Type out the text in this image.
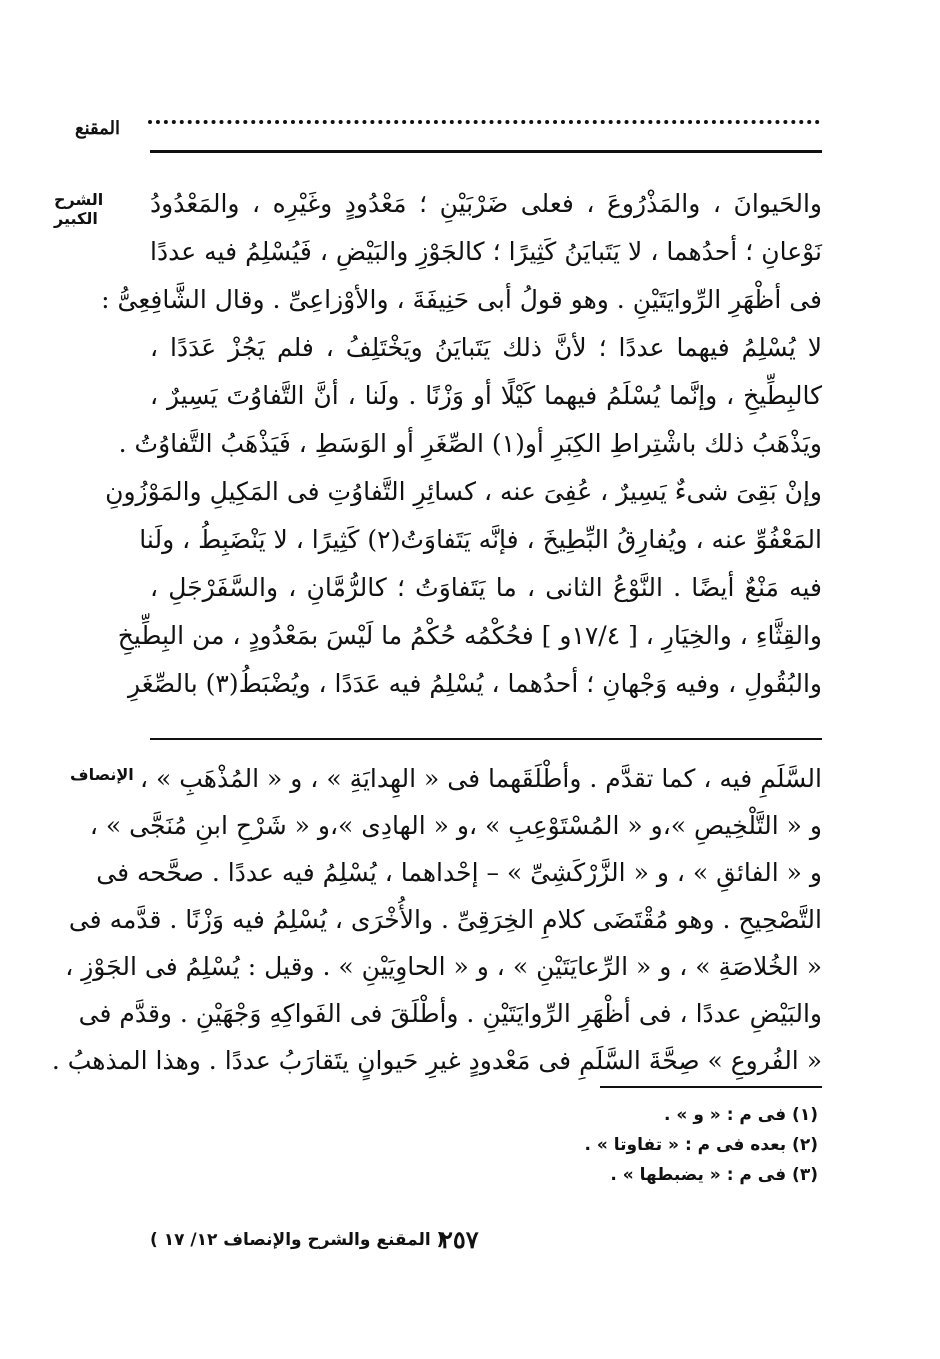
المقنع
الشرح الكبير
الإنصاف
والحَيوانَ ، والمَذْرُوعَ ، فعلى ضَرْبَيْنِ ؛ مَعْدُودٍ وغَيْرِه ، والمَعْدُودُ
نَوْعانِ ؛ أحدُهما ، لا يَتَبايَنُ كَثِيرًا ؛ كالجَوْزِ والبَيْضِ ، فَيُسْلِمُ فيه عددًا
فى أظْهَرِ الرِّوايَتَيْنِ . وهو قولُ أبى حَنِيفَةَ ، والأوْزاعِىِّ . وقال الشَّافِعِىُّ :
لا يُسْلِمُ فيهما عددًا ؛ لأنَّ ذلك يَتَبايَنُ ويَخْتَلِفُ ، فلم يَجُزْ عَدَدًا ،
كالبِطِّيخِ ، وإنَّما يُسْلَمُ فيهما كَيْلًا أو وَزْنًا . ولَنا ، أنَّ التَّفاوُتَ يَسِيرٌ ،
ويَذْهَبُ ذلك باشْتِراطِ الكِبَرِ أو(١) الصِّغَرِ أو الوَسَطِ ، فَيَذْهَبُ التَّفاوُتُ .
وإنْ بَقِىَ شىءٌ يَسِيرٌ ، عُفِىَ عنه ، كسائِرِ التَّفاوُتِ فى المَكِيلِ والمَوْزُونِ
المَعْفُوِّ عنه ، ويُفارِقُ البِّطِيخَ ، فإنَّه يَتَفاوَتُ(٢) كَثِيرًا ، لا يَنْضَبِطُ ، ولَنا
فيه مَنْعٌ أيضًا . النَّوْعُ الثانى ، ما يَتَفاوَتُ ؛ كالرُّمَّانِ ، والسَّفَرْجَلِ ،
والقِثَّاءِ ، والخِيَارِ ، [ ١٧/٤و ] فحُكْمُه حُكْمُ ما لَيْسَ بمَعْدُودٍ ، من البِطِّيخِ
والبُقُولِ ، وفيه وَجْهانِ ؛ أحدُهما ، يُسْلِمُ فيه عَدَدًا ، ويُضْبَطُ(٣) بالصِّغَرِ
السَّلَمِ فيه ، كما تقدَّم . وأطْلَقَهما فى « الهِدايَةِ » ، و « المُذْهَبِ » ،
و « التَّلْخِيصِ »،و « المُسْتَوْعِبِ » ،و « الهادِى »،و « شَرْحِ ابنِ مُنَجَّى » ،
و « الفائقِ » ، و « الزَّرْكَشِىِّ » – إحْداهما ، يُسْلِمُ فيه عددًا . صحَّحه فى
التَّصْحِيحِ . وهو مُقْتَضَى كلامِ الخِرَقِىِّ . والأُخْرَى ، يُسْلِمُ فيه وَزْنًا . قدَّمه فى
« الخُلاصَةِ » ، و « الرِّعايَتَيْنِ » ، و « الحاوِيَيْنِ » . وقيل : يُسْلِمُ فى الجَوْزِ ،
والبَيْضِ عددًا ، فى أظْهَرِ الرِّوايَتَيْنِ . وأطْلَقَ فى الفَواكِهِ وَجْهَيْنِ . وقدَّم فى
« الفُروعِ » صِحَّةَ السَّلَمِ فى مَعْدودٍ غيرِ حَيوانٍ يتَقارَبُ عددًا . وهذا المذهبُ .
(١) فى م : « و » .
(٢) بعده فى م : « تفاوتا » .
(٣) فى م : « يضبطها » .
٢٥٧
( المقنع والشرح والإنصاف ١٢/ ١٧ )
